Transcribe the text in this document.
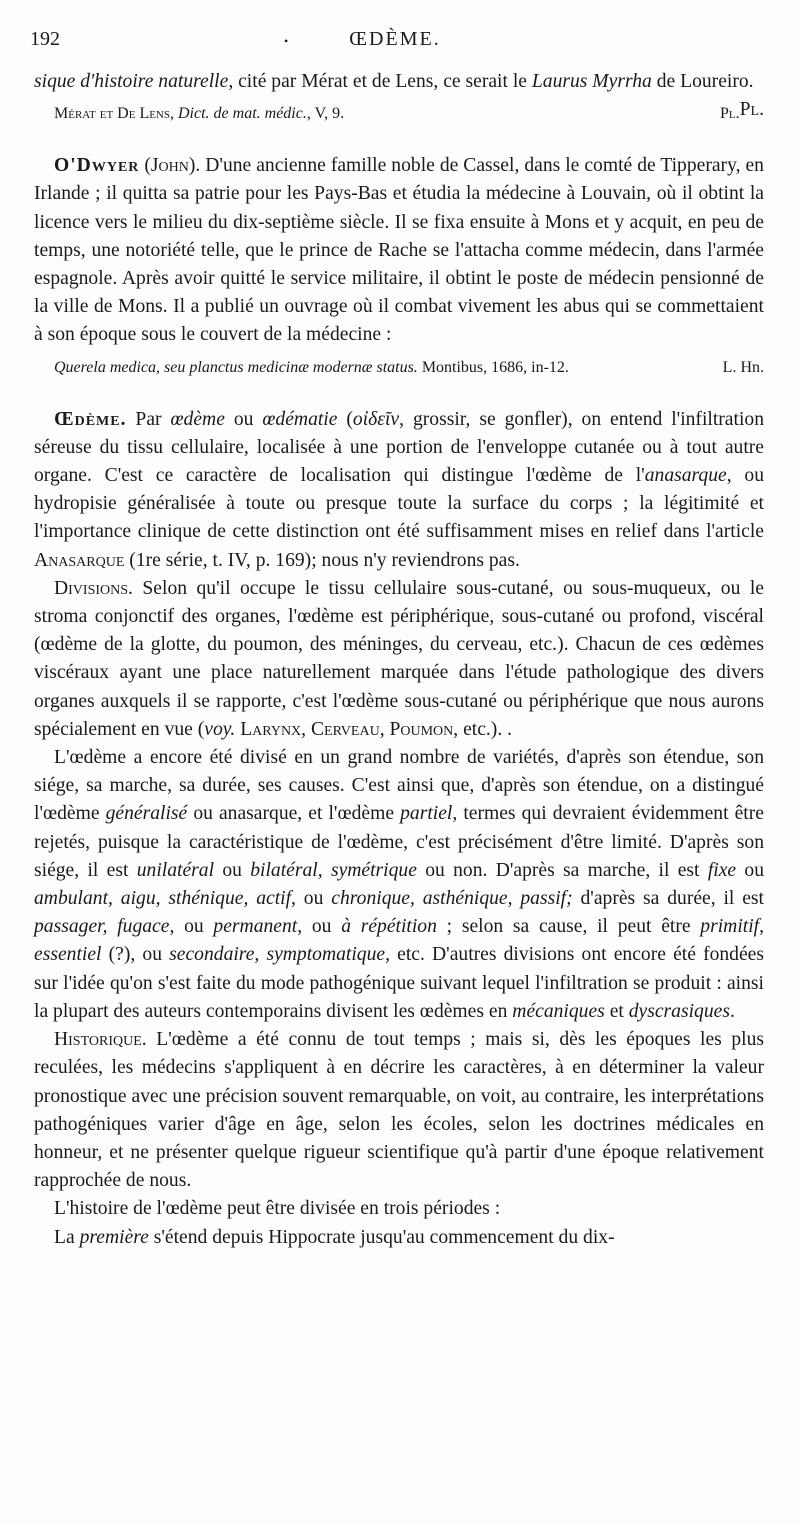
192	ŒDÈME.
•

sique d'histoire naturelle, cité par Mérat et de Lens, ce serait le Laurus Myrrha de Loureiro.
Pl.

Mérat et De Lens, Dict. de mat. médic., V, 9.	Pl.

O'Dwyer (John). D'une ancienne famille noble de Cassel, dans le comté de Tipperary, en Irlande ; il quitta sa patrie pour les Pays-Bas et étudia la médecine à Louvain, où il obtint la licence vers le milieu du dix-septième siècle. Il se fixa ensuite à Mons et y acquit, en peu de temps, une notoriété telle, que le prince de Rache se l'attacha comme médecin, dans l'armée espagnole. Après avoir quitté le service militaire, il obtint le poste de médecin pensionné de la ville de Mons. Il a publié un ouvrage où il combat vivement les abus qui se commettaient à son époque sous le couvert de la médecine :

Querela medica, seu planctus medicinæ modernæ status. Montibus, 1686, in-12.	L. Hn.

Œdème. Par œdème ou œdématie (οἰδεῖν, grossir, se gonfler), on entend l'infiltration séreuse du tissu cellulaire, localisée à une portion de l'enveloppe cutanée ou à tout autre organe. C'est ce caractère de localisation qui distingue l'œdème de l'anasarque, ou hydropisie généralisée à toute ou presque toute la surface du corps ; la légitimité et l'importance clinique de cette distinction ont été suffisamment mises en relief dans l'article Anasarque (1re série, t. IV, p. 169); nous n'y reviendrons pas.

Divisions. Selon qu'il occupe le tissu cellulaire sous-cutané, ou sous-muqueux, ou le stroma conjonctif des organes, l'œdème est périphérique, sous-cutané ou profond, viscéral (œdème de la glotte, du poumon, des méninges, du cerveau, etc.). Chacun de ces œdèmes viscéraux ayant une place naturellement marquée dans l'étude pathologique des divers organes auxquels il se rapporte, c'est l'œdème sous-cutané ou périphérique que nous aurons spécialement en vue (voy. Larynx, Cerveau, Poumon, etc.). .

L'œdème a encore été divisé en un grand nombre de variétés, d'après son étendue, son siége, sa marche, sa durée, ses causes. C'est ainsi que, d'après son étendue, on a distingué l'œdème généralisé ou anasarque, et l'œdème partiel, termes qui devraient évidemment être rejetés, puisque la caractéristique de l'œdème, c'est précisément d'être limité. D'après son siége, il est unilatéral ou bilatéral, symétrique ou non. D'après sa marche, il est fixe ou ambulant, aigu, sthénique, actif, ou chronique, asthénique, passif; d'après sa durée, il est passager, fugace, ou permanent, ou à répétition ; selon sa cause, il peut être primitif, essentiel (?), ou secondaire, symptomatique, etc. D'autres divisions ont encore été fondées sur l'idée qu'on s'est faite du mode pathogénique suivant lequel l'infiltration se produit : ainsi la plupart des auteurs contemporains divisent les œdèmes en mécaniques et dyscrasiques.

Historique. L'œdème a été connu de tout temps ; mais si, dès les époques les plus reculées, les médecins s'appliquent à en décrire les caractères, à en déterminer la valeur pronostique avec une précision souvent remarquable, on voit, au contraire, les interprétations pathogéniques varier d'âge en âge, selon les écoles, selon les doctrines médicales en honneur, et ne présenter quelque rigueur scientifique qu'à partir d'une époque relativement rapprochée de nous.

L'histoire de l'œdème peut être divisée en trois périodes :

La première s'étend depuis Hippocrate jusqu'au commencement du dix-
